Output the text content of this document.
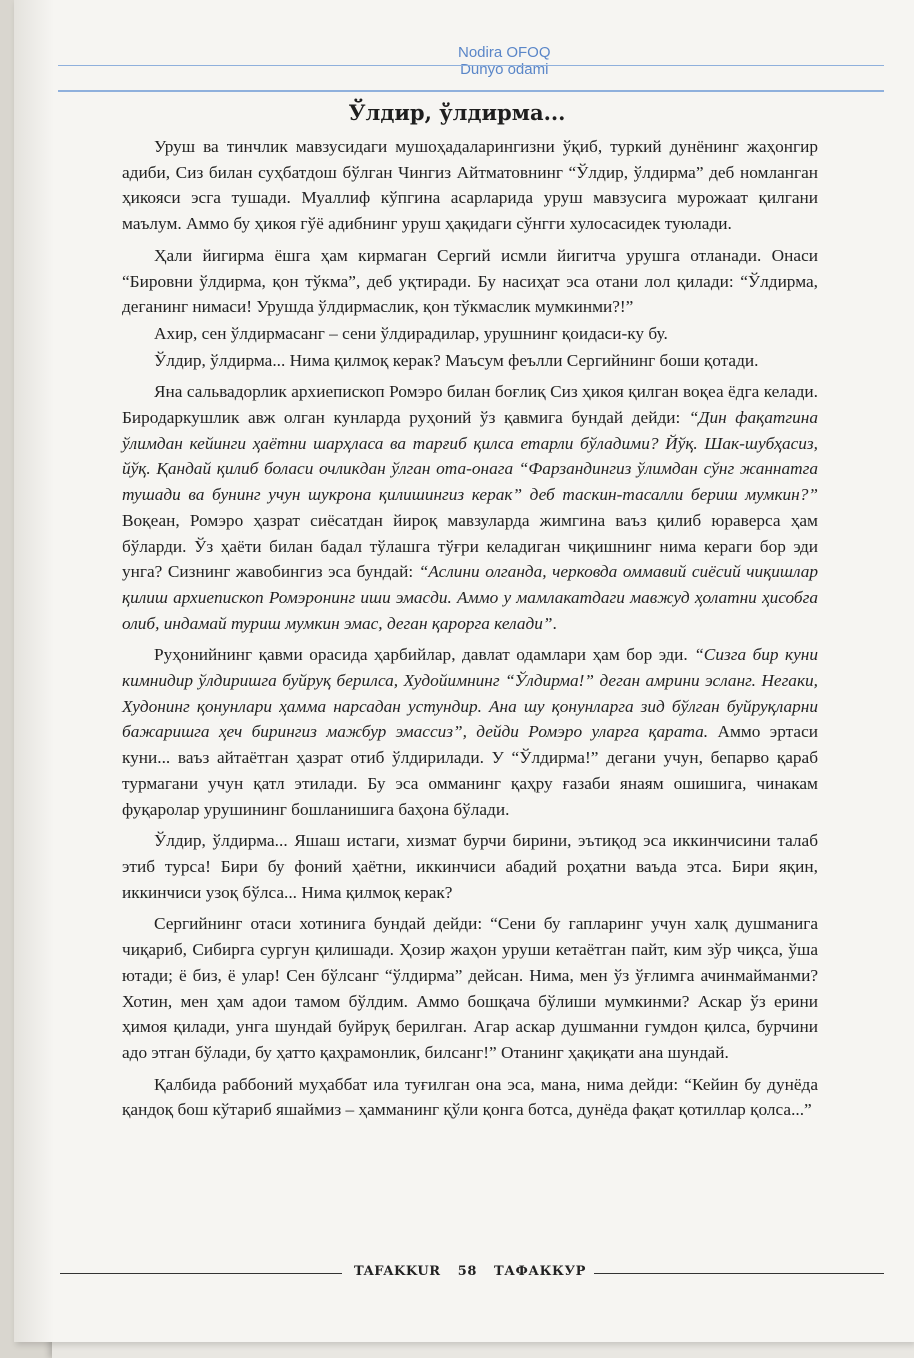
Nodira OFOQ
Dunyo odami
Ўлдир, ўлдирма...

Уруш ва тинчлик мавзусидаги мушоҳадаларингизни ўқиб, туркий дунёнинг жаҳонгир адиби, Сиз билан суҳбатдош бўлган Чингиз Айтматовнинг “Ўлдир, ўлдирма” деб номланган ҳикояси эсга тушади. Муаллиф кўпгина асарларида уруш мавзусига мурожаат қилгани маълум. Аммо бу ҳикоя гўё адибнинг уруш ҳақидаги сўнгги хулосасидек туюлади.

Ҳали йигирма ёшга ҳам кирмаган Сергий исмли йигитча урушга отланади. Онаси “Бировни ўлдирма, қон тўкма”, деб уқтиради. Бу насиҳат эса отани лол қилади: “Ўлдирма, деганинг нимаси! Урушда ўлдирмаслик, қон тўкмаслик мумкинми?!”

Ахир, сен ўлдирмасанг – сени ўлдирадилар, урушнинг қоидаси-ку бу.

Ўлдир, ўлдирма... Нима қилмоқ керак? Маъсум феълли Сергийнинг боши қотади.

Яна сальвадорлик архиепископ Ромэро билан боғлиқ Сиз ҳикоя қилган воқеа ёдга келади. Биродаркушлик авж олган кунларда руҳоний ўз қавмига бундай дейди: “Дин фақатгина ўлимдан кейинги ҳаётни шарҳласа ва тарғиб қилса етарли бўладими? Йўқ. Шак-шубҳасиз, йўқ. Қандай қилиб боласи очликдан ўлган ота-онага “Фарзандингиз ўлимдан сўнг жаннатга тушади ва бунинг учун шукрона қилишингиз керак” деб таскин-тасалли бериш мумкин?” Воқеан, Ромэро ҳазрат сиёсатдан йироқ мавзуларда жимгина ваъз қилиб юраверса ҳам бўларди. Ўз ҳаёти билан бадал тўлашга тўғри келадиган чиқишнинг нима кераги бор эди унга? Сизнинг жавобингиз эса бундай: “Аслини олганда, черковда оммавий сиёсий чиқишлар қилиш архиепископ Ромэронинг иши эмасди. Аммо у мамлакатдаги мавжуд ҳолатни ҳисобга олиб, индамай туриш мумкин эмас, деган қарорга келади”.

Руҳонийнинг қавми орасида ҳарбийлар, давлат одамлари ҳам бор эди. “Сизга бир куни кимнидир ўлдиришга буйруқ берилса, Худойимнинг “Ўлдирма!” деган амрини эсланг. Негаки, Худонинг қонунлари ҳамма нарсадан устундир. Ана шу қонунларга зид бўлган буйруқларни бажаришга ҳеч бирингиз мажбур эмассиз”, дейди Ромэро уларга қарата. Аммо эртаси куни... ваъз айтаётган ҳазрат отиб ўлдирилади. У “Ўлдирма!” дегани учун, бепарво қараб турмагани учун қатл этилади. Бу эса омманинг қаҳру ғазаби янаям ошишига, чинакам фуқаролар урушининг бошланишига баҳона бўлади.

Ўлдир, ўлдирма... Яшаш истаги, хизмат бурчи бирини, эътиқод эса иккинчисини талаб этиб турса! Бири бу фоний ҳаётни, иккинчиси абадий роҳатни ваъда этса. Бири яқин, иккинчиси узоқ бўлса... Нима қилмоқ керак?

Сергийнинг отаси хотинига бундай дейди: “Сени бу гапларинг учун халқ душманига чиқариб, Сибирга сургун қилишади. Ҳозир жаҳон уруши кетаётган пайт, ким зўр чиқса, ўша ютади; ё биз, ё улар! Сен бўлсанг “ўлдирма” дейсан. Нима, мен ўз ўғлимга ачинмайманми? Хотин, мен ҳам адои тамом бўлдим. Аммо бошқача бўлиши мумкинми? Аскар ўз ерини ҳимоя қилади, унга шундай буйруқ берилган. Агар аскар душманни гумдон қилса, бурчини адо этган бўлади, бу ҳатто қаҳрамонлик, билсанг!” Отанинг ҳақиқати ана шундай.

Қалбида раббоний муҳаббат ила туғилган она эса, мана, нима дейди: “Кейин бу дунёда қандоқ бош кўтариб яшаймиз – ҳамманинг қўли қонга ботса, дунёда фақат қотиллар қолса...”

TAFAKKUR 58 ТАФАККУР
